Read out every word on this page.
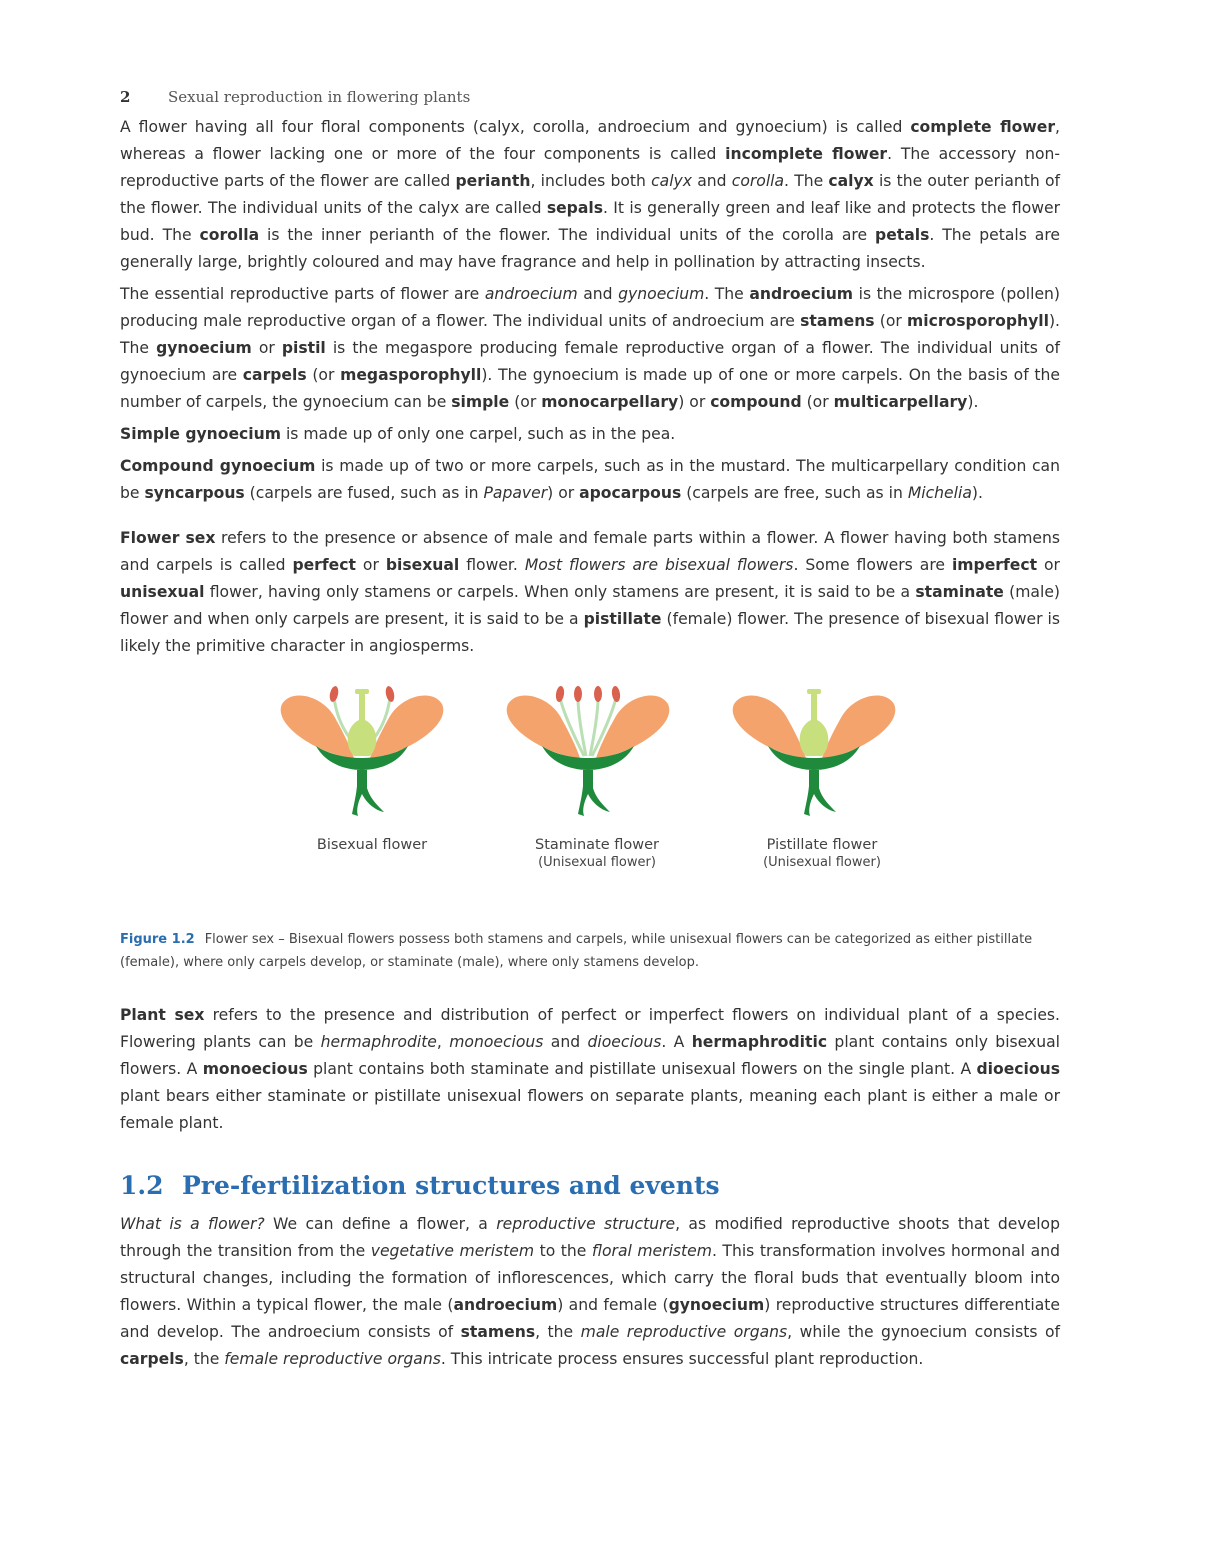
2	Sexual reproduction in flowering plants

A flower having all four floral components (calyx, corolla, androecium and gynoecium) is called complete flower, whereas a flower lacking one or more of the four components is called incomplete flower. The accessory non-reproductive parts of the flower are called perianth, includes both calyx and corolla. The calyx is the outer perianth of the flower. The individual units of the calyx are called sepals. It is generally green and leaf like and protects the flower bud. The corolla is the inner perianth of the flower. The individual units of the corolla are petals. The petals are generally large, brightly coloured and may have fragrance and help in pollination by attracting insects.

The essential reproductive parts of flower are androecium and gynoecium. The androecium is the microspore (pollen) producing male reproductive organ of a flower. The individual units of androecium are stamens (or microsporophyll). The gynoecium or pistil is the megaspore producing female reproductive organ of a flower. The individual units of gynoecium are carpels (or megasporophyll). The gynoecium is made up of one or more carpels. On the basis of the number of carpels, the gynoecium can be simple (or monocarpellary) or compound (or multicarpellary).

Simple gynoecium is made up of only one carpel, such as in the pea.

Compound gynoecium is made up of two or more carpels, such as in the mustard. The multicarpellary condition can be syncarpous (carpels are fused, such as in Papaver) or apocarpous (carpels are free, such as in Michelia).

Flower sex refers to the presence or absence of male and female parts within a flower. A flower having both stamens and carpels is called perfect or bisexual flower. Most flowers are bisexual flowers. Some flowers are imperfect or unisexual flower, having only stamens or carpels. When only stamens are present, it is said to be a staminate (male) flower and when only carpels are present, it is said to be a pistillate (female) flower. The presence of bisexual flower is likely the primitive character in angiosperms.

Bisexual flower	Staminate flower
(Unisexual flower)
Pistillate flower
(Unisexual flower)
Figure 1.2 Flower sex – Bisexual flowers possess both stamens and carpels, while unisexual flowers can be categorized as either pistillate (female), where only carpels develop, or staminate (male), where only stamens develop.

Plant sex refers to the presence and distribution of perfect or imperfect flowers on individual plant of a species. Flowering plants can be hermaphrodite, monoecious and dioecious. A hermaphroditic plant contains only bisexual flowers. A monoecious plant contains both staminate and pistillate unisexual flowers on the single plant. A dioecious plant bears either staminate or pistillate unisexual flowers on separate plants, meaning each plant is either a male or female plant.

1.2 Pre-fertilization structures and events

What is a flower? We can define a flower, a reproductive structure, as modified reproductive shoots that develop through the transition from the vegetative meristem to the floral meristem. This transformation involves hormonal and structural changes, including the formation of inflorescences, which carry the floral buds that eventually bloom into flowers. Within a typical flower, the male (androecium) and female (gynoecium) reproductive structures differentiate and develop. The androecium consists of stamens, the male reproductive organs, while the gynoecium consists of carpels, the female reproductive organs. This intricate process ensures successful plant reproduction.
